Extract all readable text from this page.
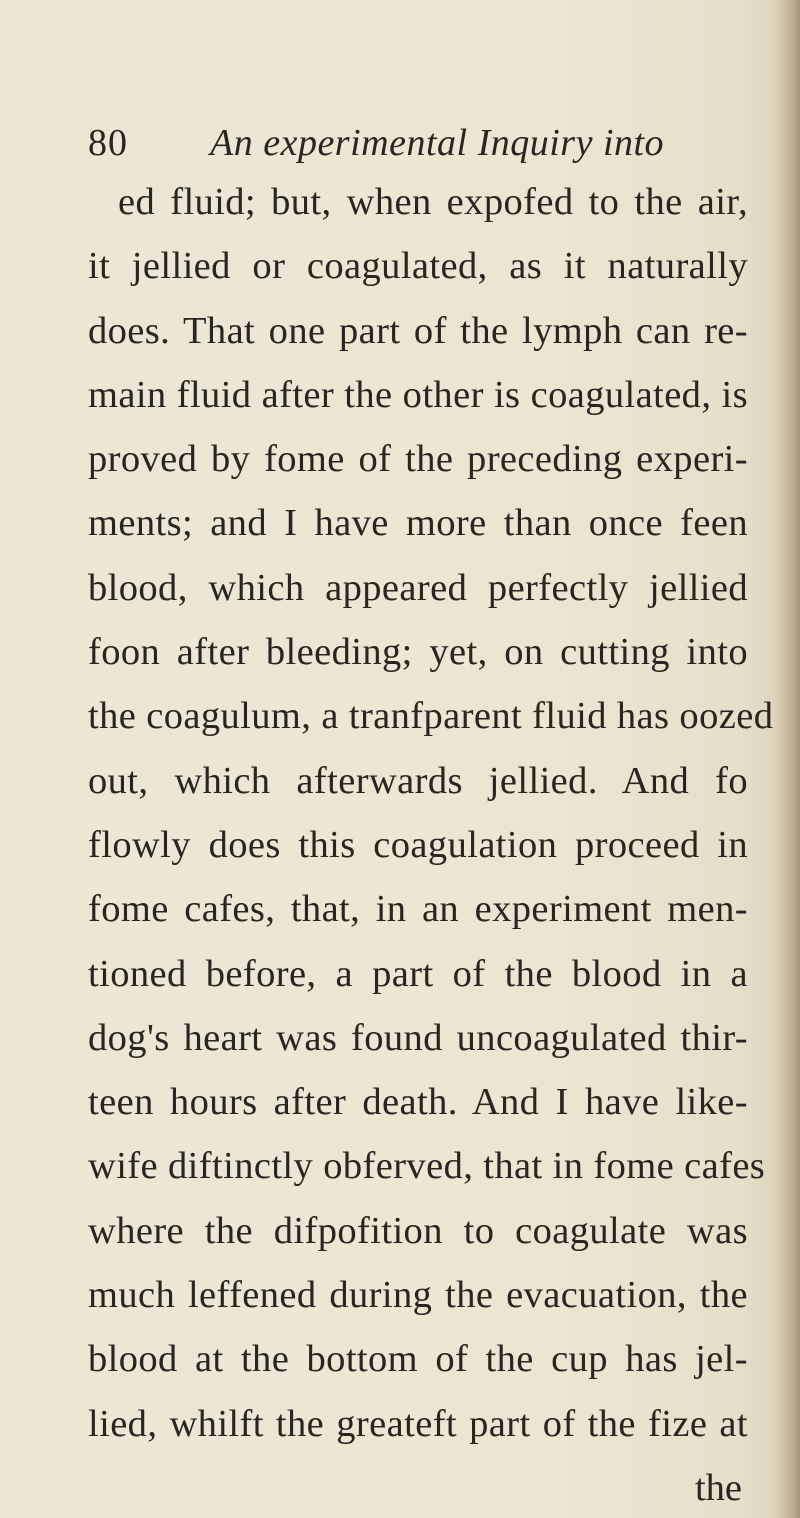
80 An experimental Inquiry into
ed fluid; but, when expofed to the air,
it jellied or coagulated, as it naturally
does. That one part of the lymph can re-
main fluid after the other is coagulated, is
proved by fome of the preceding experi-
ments; and I have more than once feen
blood, which appeared perfectly jellied
foon after bleeding; yet, on cutting into
the coagulum, a tranfparent fluid has oozed
out, which afterwards jellied. And fo
flowly does this coagulation proceed in
fome cafes, that, in an experiment men-
tioned before, a part of the blood in a
dog's heart was found uncoagulated thir-
teen hours after death. And I have like-
wife diftinctly obferved, that in fome cafes
where the difpofition to coagulate was
much leffened during the evacuation, the
blood at the bottom of the cup has jel-
lied, whilft the greateft part of the fize at
the
